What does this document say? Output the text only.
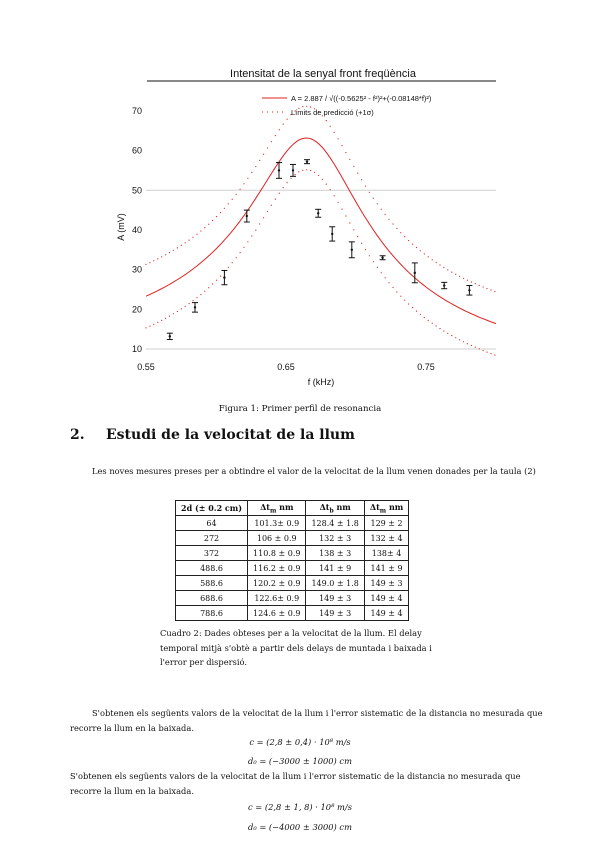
Intensitat de la senyal front freqüència
10
20
30
40
50
60
70
0.55	0.65	0.75
f (kHz)
A (mV)
A = 2.887 / √((-0.5625² - f²)²+(-0.08148*f)²)
Límits de predicció (+1σ)
Figura 1: Primer perfil de resonancia
2. Estudi de la velocitat de la llum
Les noves mesures preses per a obtindre el valor de la velocitat de la llum venen donades per la taula (2)
2d (± 0.2 cm)	$\Delta t_m$ nm	$\Delta t_b$ nm	$\Delta t_m$ nm
64	101.3± 0.9	128.4 ± 1.8	129 ± 2
272	106 ± 0.9	132 ± 3	132 ± 4
372	110.8 ± 0.9	138 ± 3	138± 4
488.6	116.2 ± 0.9	141 ± 9	141 ± 9
588.6	120.2 ± 0.9	149.0 ± 1.8	149 ± 3
688.6	122.6± 0.9	149 ± 3	149 ± 4
788.6	124.6 ± 0.9	149 ± 3	149 ± 4
Cuadro 2: Dades obteses per a la velocitat de la llum. El delay temporal mitjà s'obtè a partir dels delays de muntada i baixada i l'error per dispersió.
S'obtenen els següents valors de la velocitat de la llum i l'error sistematic de la distancia no mesurada que recorre la llum en la baixada.
c = (2,8 ± 0,4) · 10⁸ m/s
d₀ = (−3000 ± 1000) cm
S'obtenen els següents valors de la velocitat de la llum i l'error sistematic de la distancia no mesurada que recorre la llum en la baixada.
c = (2,8 ± 1, 8) · 10⁸ m/s
d₀ = (−4000 ± 3000) cm
